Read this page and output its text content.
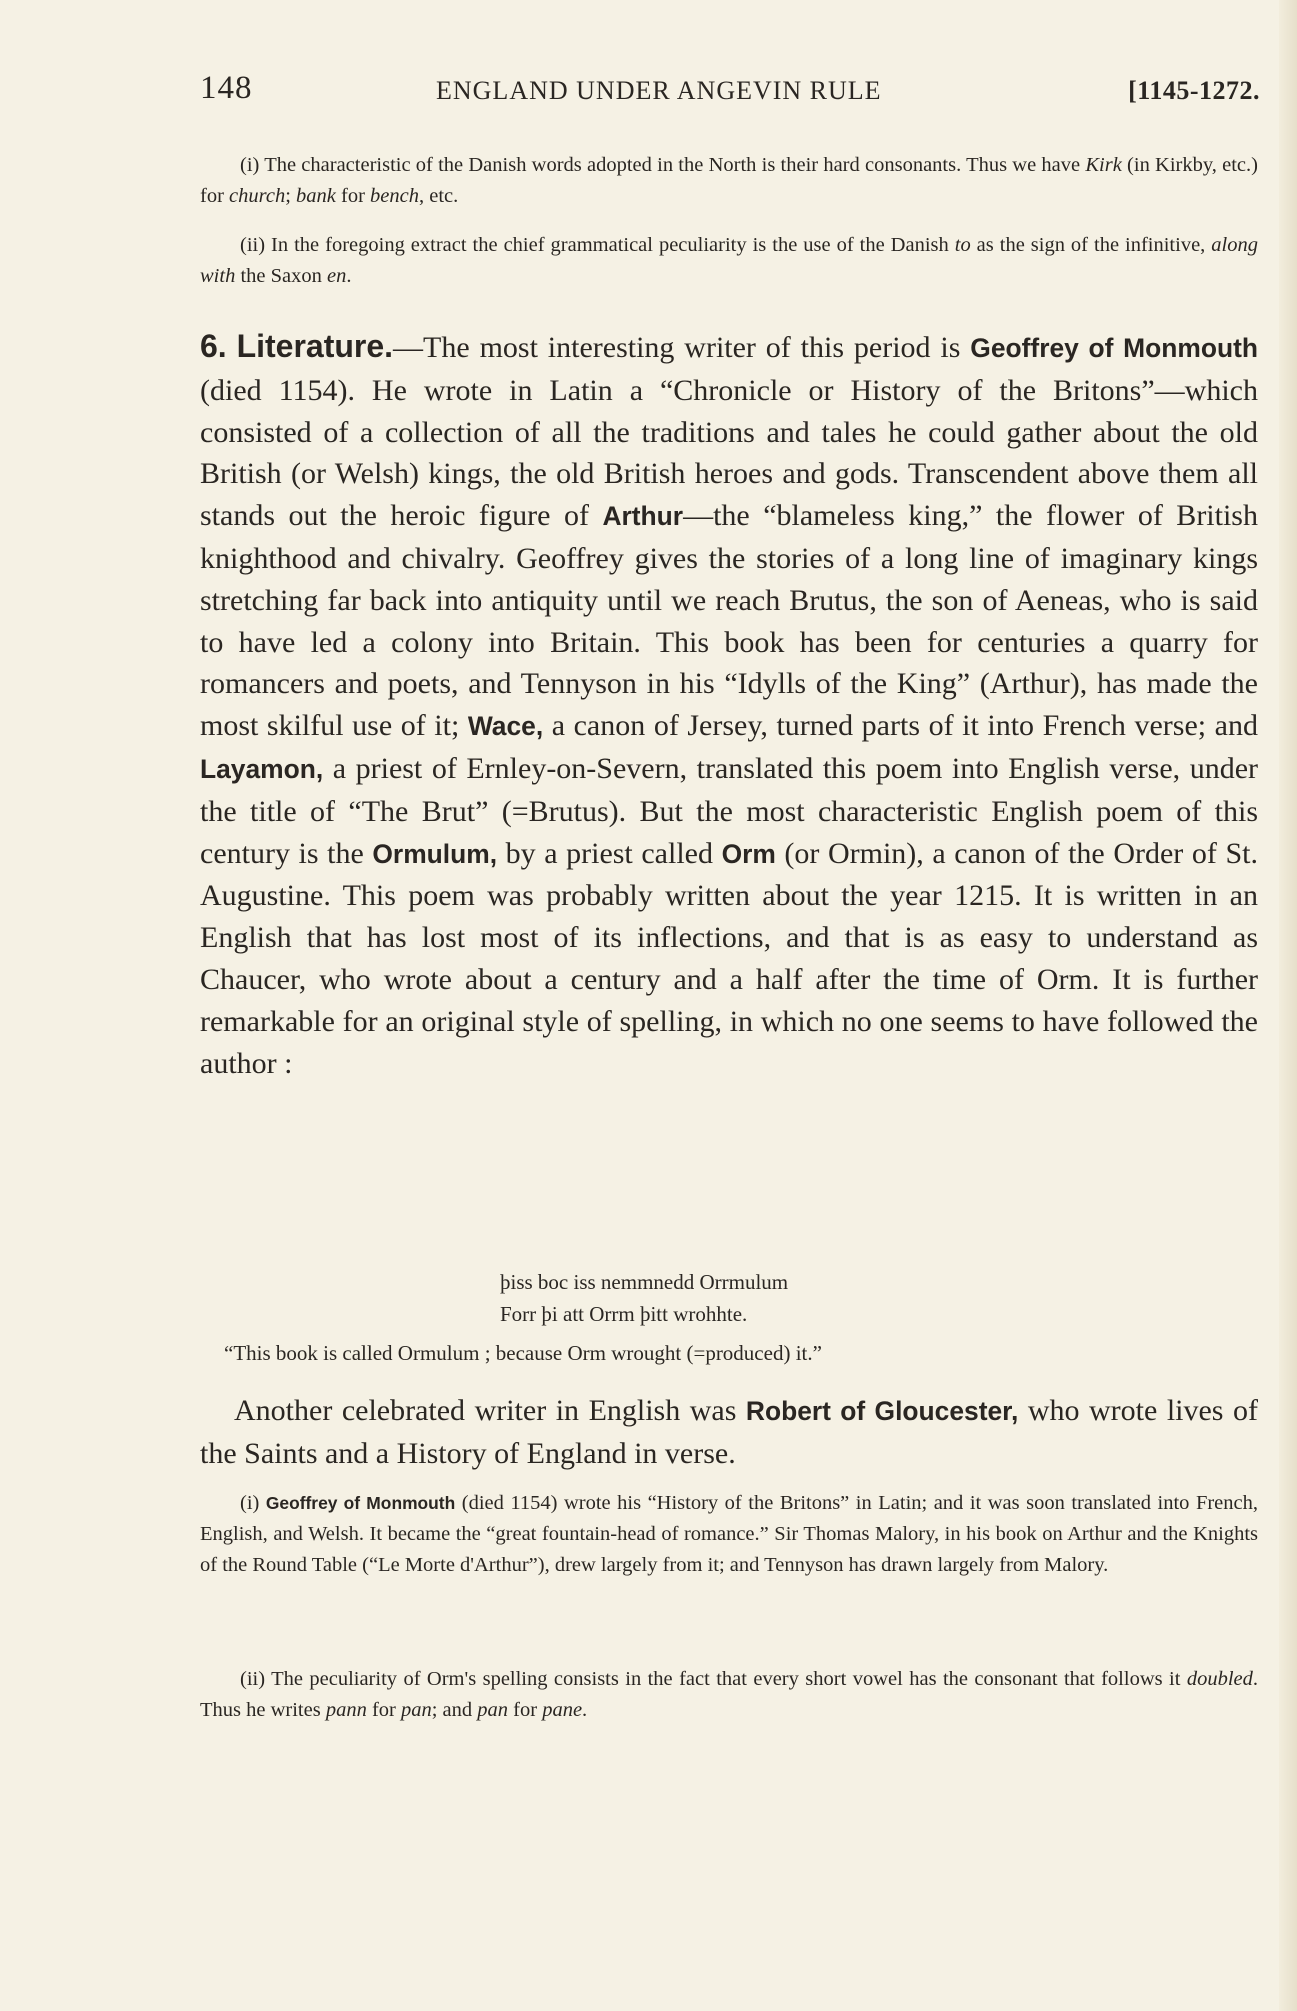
148	ENGLAND UNDER ANGEVIN RULE	[1145-1272.

(i) The characteristic of the Danish words adopted in the North is their hard consonants. Thus we have Kirk (in Kirkby, etc.) for church; bank for bench, etc.

(ii) In the foregoing extract the chief grammatical peculiarity is the use of the Danish to as the sign of the infinitive, along with the Saxon en.

6. Literature.—The most interesting writer of this period is Geoffrey of Monmouth (died 1154). He wrote in Latin a “Chronicle or History of the Britons”—which consisted of a collection of all the traditions and tales he could gather about the old British (or Welsh) kings, the old British heroes and gods. Transcendent above them all stands out the heroic figure of Arthur—the “blameless king,” the flower of British knighthood and chivalry. Geoffrey gives the stories of a long line of imaginary kings stretching far back into antiquity until we reach Brutus, the son of Aeneas, who is said to have led a colony into Britain. This book has been for centuries a quarry for romancers and poets, and Tennyson in his “Idylls of the King” (Arthur), has made the most skilful use of it; Wace, a canon of Jersey, turned parts of it into French verse; and Layamon, a priest of Ernley-on-Severn, translated this poem into English verse, under the title of “The Brut” (=Brutus). But the most characteristic English poem of this century is the Ormulum, by a priest called Orm (or Ormin), a canon of the Order of St. Augustine. This poem was probably written about the year 1215. It is written in an English that has lost most of its inflections, and that is as easy to understand as Chaucer, who wrote about a century and a half after the time of Orm. It is further remarkable for an original style of spelling, in which no one seems to have followed the author :

þiss boc iss nemmnedd Orrmulum

Forr þi att Orrm þitt wrohhte.

“This book is called Ormulum ; because Orm wrought (=produced) it.”

Another celebrated writer in English was Robert of Gloucester, who wrote lives of the Saints and a History of England in verse.

(i) Geoffrey of Monmouth (died 1154) wrote his “History of the Britons” in Latin; and it was soon translated into French, English, and Welsh. It became the “great fountain-head of romance.” Sir Thomas Malory, in his book on Arthur and the Knights of the Round Table (“Le Morte d'Arthur”), drew largely from it; and Tennyson has drawn largely from Malory.

(ii) The peculiarity of Orm's spelling consists in the fact that every short vowel has the consonant that follows it doubled. Thus he writes pann for pan; and pan for pane.
